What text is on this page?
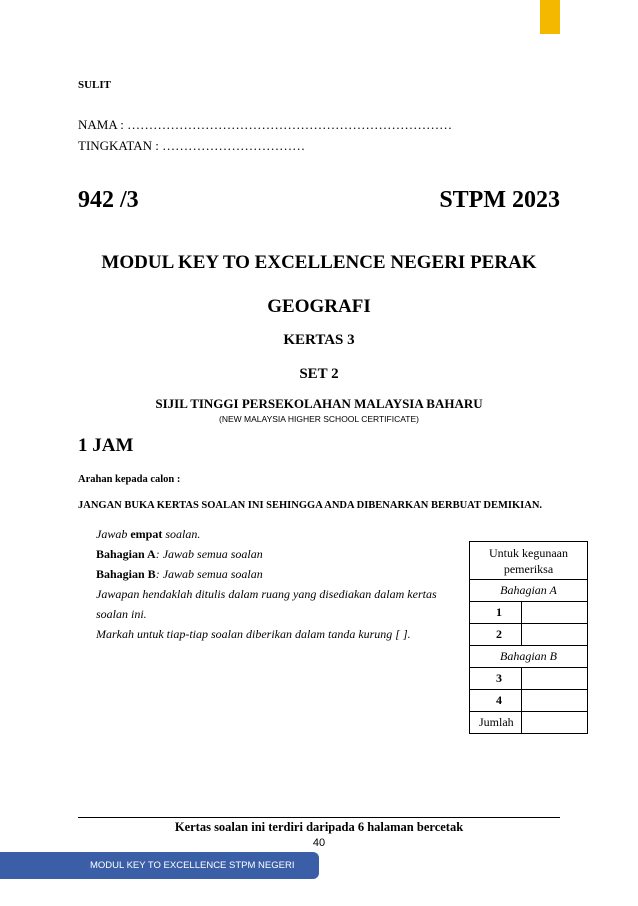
SULIT
NAMA : …………………………………………………………………
TINGKATAN : ……………………………
942 /3	STPM 2023
MODUL KEY TO EXCELLENCE NEGERI PERAK
GEOGRAFI
KERTAS 3
SET 2
SIJIL TINGGI PERSEKOLAHAN MALAYSIA BAHARU
(NEW MALAYSIA HIGHER SCHOOL CERTIFICATE)
1 JAM
Arahan kepada calon :
JANGAN BUKA KERTAS SOALAN INI SEHINGGA ANDA DIBENARKAN BERBUAT DEMIKIAN.
Jawab empat soalan.
Bahagian A: Jawab semua soalan
Bahagian B: Jawab semua soalan
Jawapan hendaklah ditulis dalam ruang yang disediakan dalam kertas
soalan ini.
Markah untuk tiap-tiap soalan diberikan dalam tanda kurung [ ].
Untuk kegunaan pemeriksa	
Bahagian A	
1	
2	
Bahagian B	
3	
4	
Jumlah	
Kertas soalan ini terdiri daripada 6 halaman bercetak
40
MODUL KEY TO EXCELLENCE STPM NEGERI PERAK
